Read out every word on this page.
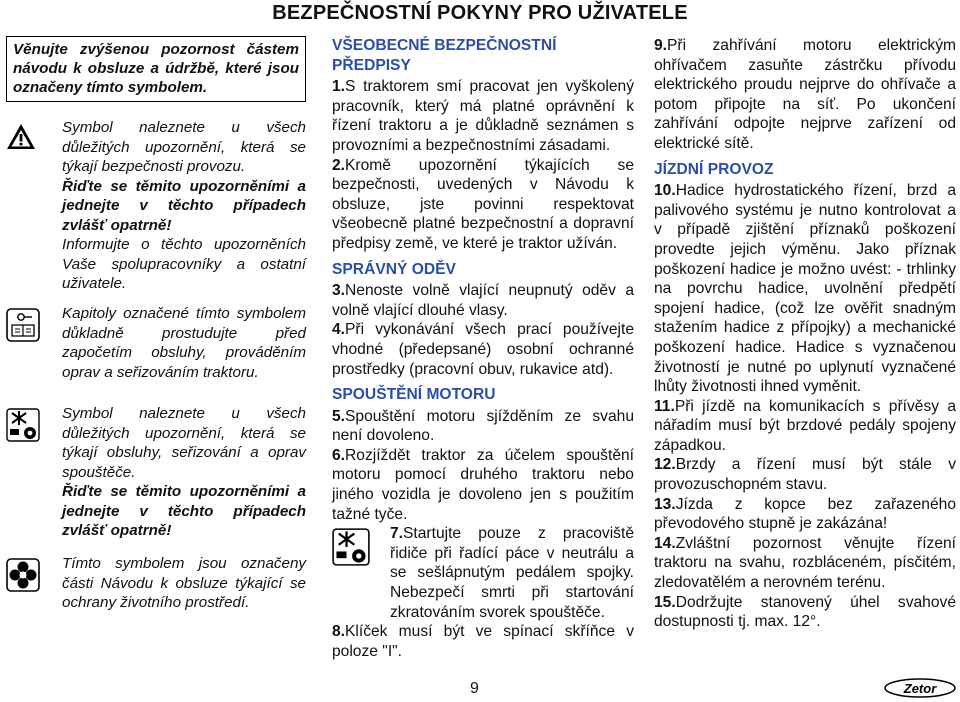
BEZPEČNOSTNÍ POKYNY PRO UŽIVATELE
Věnujte zvýšenou pozornost částem návodu k obsluze a údržbě, které jsou označeny tímto symbolem.
Symbol naleznete u všech důležitých upozornění, která se týkají bezpečnosti provozu.
Řiďte se těmito upozorněními a jednejte v těchto případech zvlášť opatrně!
Informujte o těchto upozorněních Vaše spolupracovníky a ostatní uživatele.
Kapitoly označené tímto symbolem důkladně prostudujte před započetím obsluhy, prováděním oprav a seřizováním traktoru.
Symbol naleznete u všech důležitých upozornění, která se týkají obsluhy, seřizování a oprav spouštěče.
Řiďte se těmito upozorněními a jednejte v těchto případech zvlášť opatrně!
Tímto symbolem jsou označeny části Návodu k obsluze týkající se ochrany životního prostředí.
VŠEOBECNÉ BEZPEČNOSTNÍ PŘEDPISY

1.S traktorem smí pracovat jen vyškolený pracovník, který má platné oprávnění k řízení traktoru a je důkladně seznámen s provozními a bezpečnostními zásadami.

2.Kromě upozornění týkajících se bezpečnosti, uvedených v Návodu k obsluze, jste povinni respektovat všeobecně platné bezpečnostní a dopravní předpisy země, ve které je traktor užíván.

SPRÁVNÝ ODĚV

3.Nenoste volně vlající neupnutý oděv a volně vlající dlouhé vlasy.

4.Při vykonávání všech prací používejte vhodné (předepsané) osobní ochranné prostředky (pracovní obuv, rukavice atd).

SPOUŠTĚNÍ MOTORU

5.Spouštění motoru sjížděním ze svahu není dovoleno.

6.Rozjíždět traktor za účelem spouštění motoru pomocí druhého traktoru nebo jiného vozidla je dovoleno jen s použitím tažné tyče.

7.Startujte pouze z pracoviště řidiče při řadící páce v neutrálu a se sešlápnutým pedálem spojky. Nebezpečí smrti při startování zkratováním svorek spouštěče.

8.Klíček musí být ve spínací skříňce v poloze "I".

9.Při zahřívání motoru elektrickým ohřívačem zasuňte zástrčku přívodu elektrického proudu nejprve do ohřívače a potom připojte na síť. Po ukončení zahřívání odpojte nejprve zařízení od elektrické sítě.

JÍZDNÍ PROVOZ

10.Hadice hydrostatického řízení, brzd a palivového systému je nutno kontrolovat a v případě zjištění příznaků poškození provedte jejich výměnu. Jako příznak poškození hadice je možno uvést: - trhlinky na povrchu hadice, uvolnění předpětí spojení hadice, (což lze ověřit snadným stažením hadice z přípojky) a mechanické poškození hadice. Hadice s vyznačenou životností je nutné po uplynutí vyznačené lhůty životnosti ihned vyměnit.

11.Při jízdě na komunikacích s přívěsy a nářadím musí být brzdové pedály spojeny západkou.

12.Brzdy a řízení musí být stále v provozuschopném stavu.

13.Jízda z kopce bez zařazeného převodového stupně je zakázána!

14.Zvláštní pozornost věnujte řízení traktoru na svahu, rozbláceném, písčitém, zledovatělém a nerovném terénu.

15.Dodržujte stanovený úhel svahové dostupnosti tj. max. 12°.

9	Zetor
